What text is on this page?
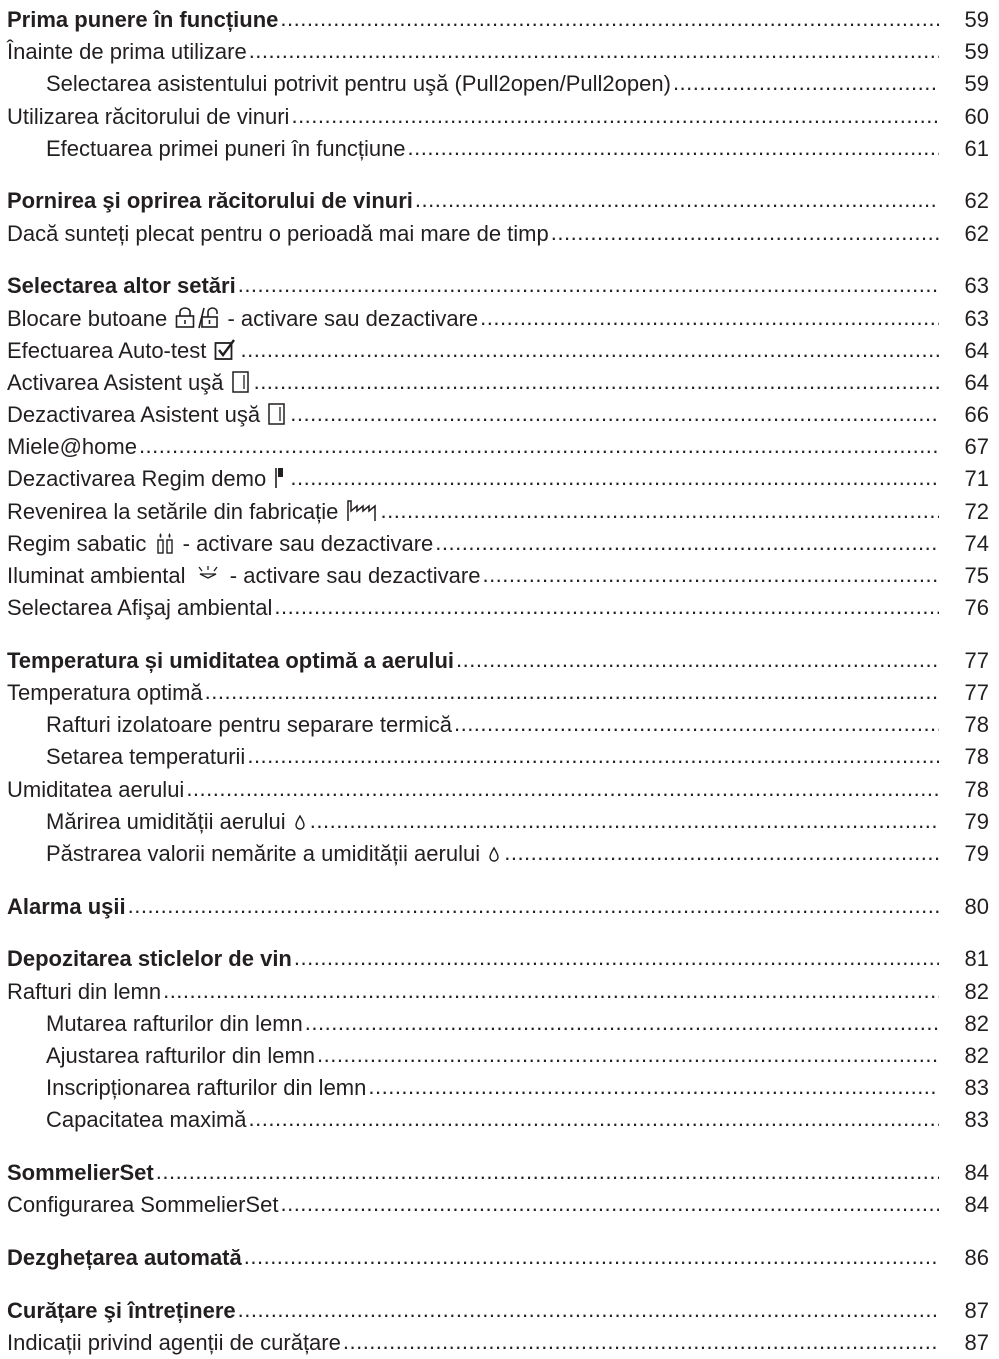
Prima punere în funcțiune .....	59
Înainte de prima utilizare .....	59
Selectarea asistentului potrivit pentru uşă (Pull2open/Pull2open) .....	59
Utilizarea răcitorului de vinuri .....	60
Efectuarea primei puneri în funcțiune .....	61
Pornirea şi oprirea răcitorului de vinuri .....	62
Dacă sunteți plecat pentru o perioadă mai mare de timp .....	62
Selectarea altor setări .....	63
Blocare butoane  - activare sau dezactivare .....	63
Efectuarea Auto-test .....	64
Activarea Asistent uşă .....	64
Dezactivarea Asistent uşă .....	66
Miele@home .....	67
Dezactivarea Regim demo .....	71
Revenirea la setările din fabricație .....	72
Regim sabatic  - activare sau dezactivare .....	74
Iluminat ambiental  - activare sau dezactivare .....	75
Selectarea Afişaj ambiental .....	76
Temperatura și umiditatea optimă a aerului .....	77
Temperatura optimă .....	77
Rafturi izolatoare pentru separare termică .....	78
Setarea temperaturii .....	78
Umiditatea aerului .....	78
Mărirea umidității aerului .....	79
Păstrarea valorii nemărite a umidității aerului .....	79
Alarma uşii .....	80
Depozitarea sticlelor de vin .....	81
Rafturi din lemn .....	82
Mutarea rafturilor din lemn .....	82
Ajustarea rafturilor din lemn .....	82
Inscripționarea rafturilor din lemn .....	83
Capacitatea maximă .....	83
SommelierSet .....	84
Configurarea SommelierSet .....	84
Dezghețarea automată .....	86
Curățare şi întreținere .....	87
Indicații privind agenții de curățare .....	87
